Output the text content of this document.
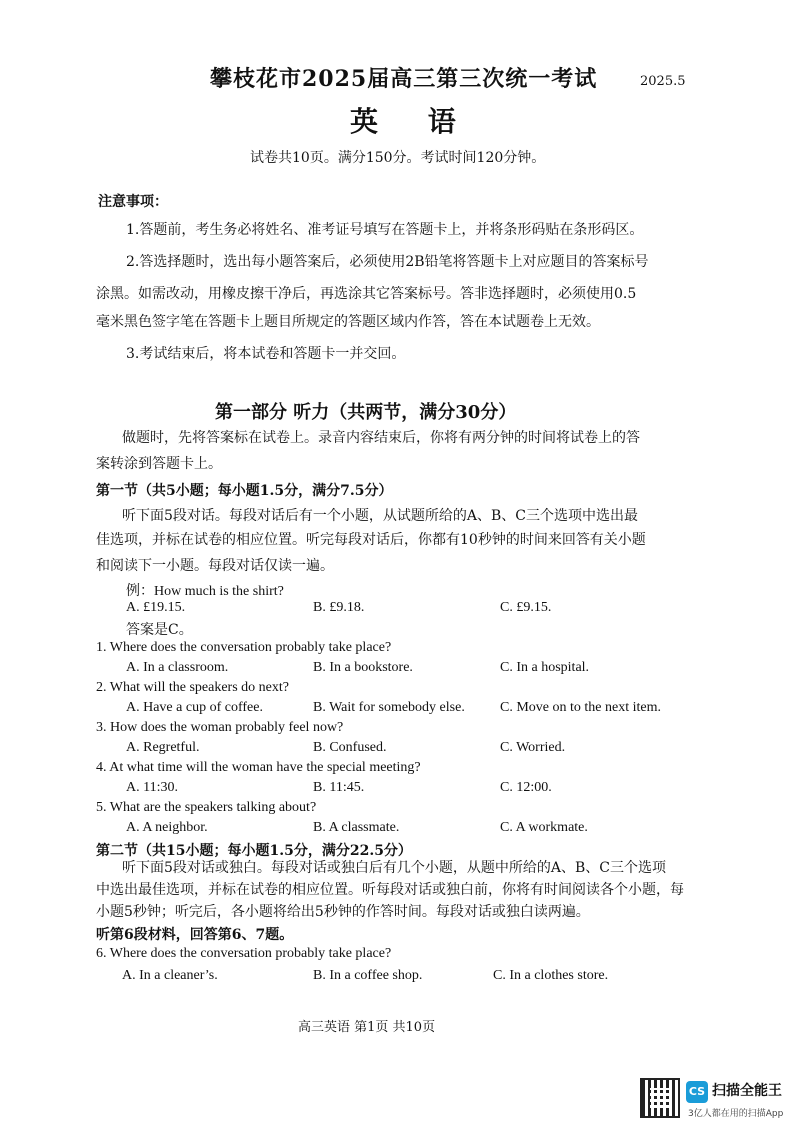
攀枝花市2025届高三第三次统一考试	2025.5
英 语
试卷共10页。满分150分。考试时间120分钟。
注意事项：
1.答题前，考生务必将姓名、准考证号填写在答题卡上，并将条形码贴在条形码区。
2.答选择题时，选出每小题答案后，必须使用2B铅笔将答题卡上对应题目的答案标号
涂黑。如需改动，用橡皮擦干净后，再选涂其它答案标号。答非选择题时，必须使用0.5
毫米黑色签字笔在答题卡上题目所规定的答题区域内作答，答在本试题卷上无效。
3.考试结束后，将本试卷和答题卡一并交回。
第一部分 听力（共两节，满分30分）
做题时，先将答案标在试卷上。录音内容结束后，你将有两分钟的时间将试卷上的答
案转涂到答题卡上。
第一节（共5小题；每小题1.5分，满分7.5分）
听下面5段对话。每段对话后有一个小题，从试题所给的A、B、C三个选项中选出最
佳选项，并标在试卷的相应位置。听完每段对话后，你都有10秒钟的时间来回答有关小题
和阅读下一小题。每段对话仅读一遍。
例：How much is the shirt?
A. £19.15.	B. £9.18.	C. £9.15.
答案是C。
1. Where does the conversation probably take place?
A. In a classroom.	B. In a bookstore.	C. In a hospital.
2. What will the speakers do next?
A. Have a cup of coffee.	B. Wait for somebody else.	C. Move on to the next item.
3. How does the woman probably feel now?
A. Regretful.	B. Confused.	C. Worried.
4. At what time will the woman have the special meeting?
A. 11:30.	B. 11:45.	C. 12:00.
5. What are the speakers talking about?
A. A neighbor.	B. A classmate.	C. A workmate.
第二节（共15小题；每小题1.5分，满分22.5分）
听下面5段对话或独白。每段对话或独白后有几个小题，从题中所给的A、B、C三个选项
中选出最佳选项，并标在试卷的相应位置。听每段对话或独白前，你将有时间阅读各个小题，每
小题5秒钟；听完后，各小题将给出5秒钟的作答时间。每段对话或独白读两遍。
听第6段材料，回答第6、7题。
6. Where does the conversation probably take place?
A. In a cleaner’s.	B. In a coffee shop.	C. In a clothes store.
高三英语 第1页 共10页
CS 扫描全能王
3亿人都在用的扫描App
